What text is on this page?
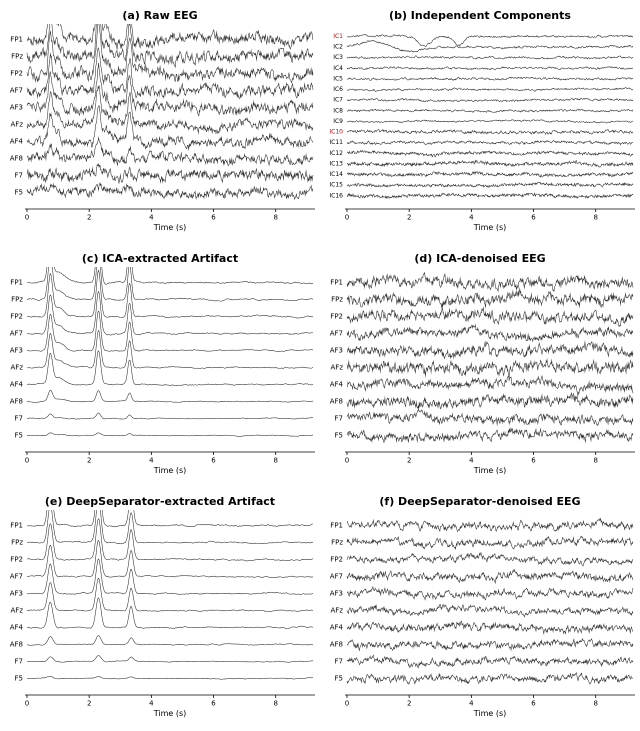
(a) Raw EEG	(b) Independent Components
(c) ICA-extracted Artifact	(d) ICA-denoised EEG
(e) DeepSeparator-extracted Artifact	(f) DeepSeparator-denoised EEG
